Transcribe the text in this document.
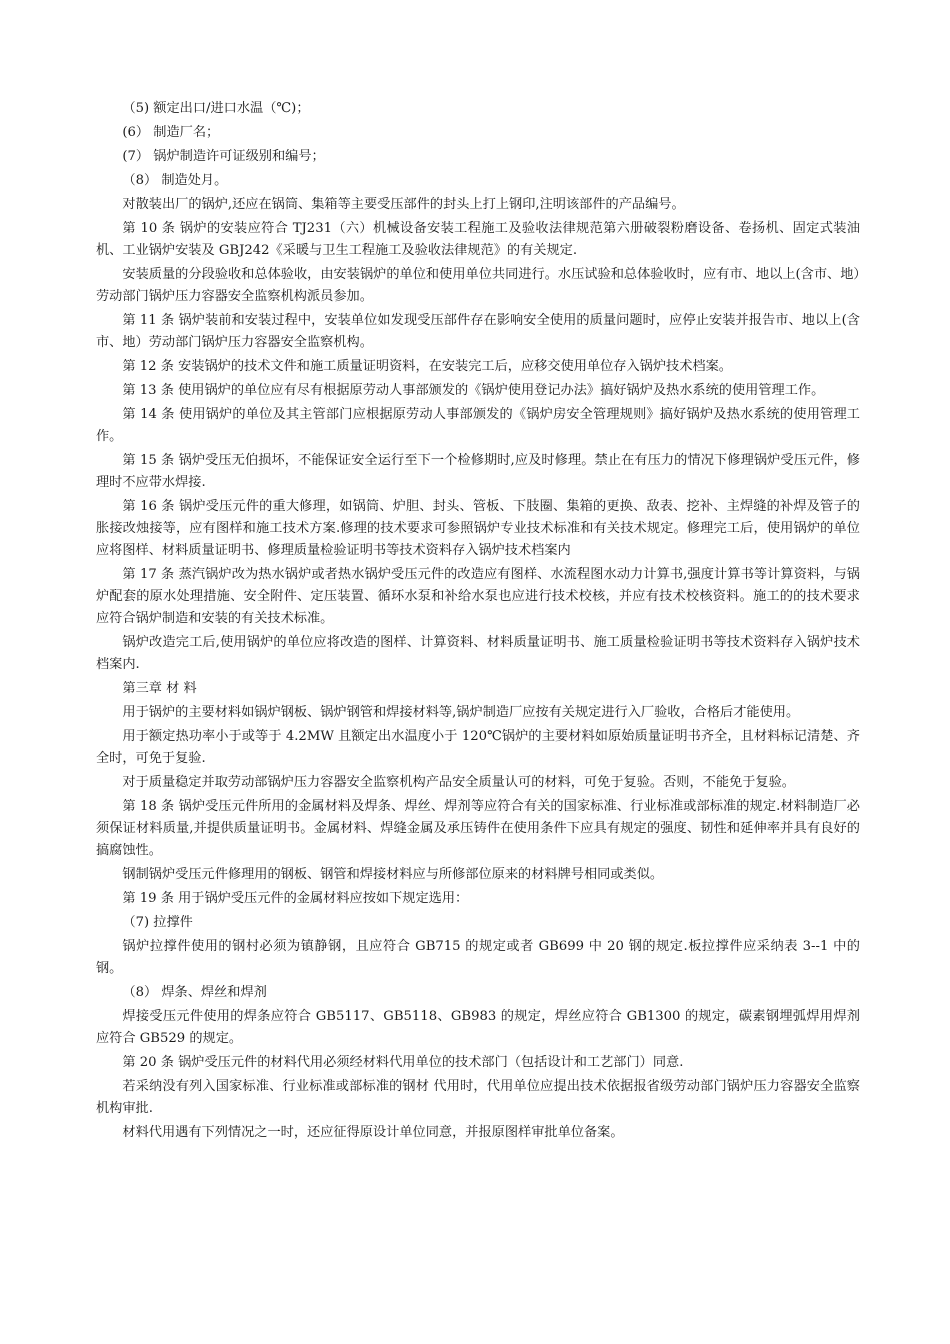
（5) 额定出口/进口水温（℃)；

(6） 制造厂名；

(7） 锅炉制造许可证级别和编号；

（8） 制造处月。

对散装出厂的锅炉,还应在锅筒、集箱等主要受压部件的封头上打上钢印,注明该部件的产品编号。

第 10 条 锅炉的安装应符合 TJ231（六）机械设备安装工程施工及验收法律规范第六册破裂粉磨设备、卷扬机、固定式装油机、工业锅炉安装及 GBJ242《采暖与卫生工程施工及验收法律规范》的有关规定.

安装质量的分段验收和总体验收，由安装锅炉的单位和使用单位共同进行。水压试验和总体验收时，应有市、地以上(含市、地）劳动部门锅炉压力容器安全监察机构派员参加。

第 11 条 锅炉装前和安装过程中，安装单位如发现受压部件存在影响安全使用的质量问题时，应停止安装并报告市、地以上(含市、地）劳动部门锅炉压力容器安全监察机构。

第 12 条 安装锅炉的技术文件和施工质量证明资料，在安装完工后，应移交使用单位存入锅炉技术档案。

第 13 条 使用锅炉的单位应有尽有根据原劳动人事部颁发的《锅炉使用登记办法》搞好锅炉及热水系统的使用管理工作。

第 14 条 使用锅炉的单位及其主管部门应根据原劳动人事部颁发的《锅炉房安全管理规则》搞好锅炉及热水系统的使用管理工作。

第 15 条 锅炉受压无伯损坏，不能保证安全运行至下一个检修期时,应及时修理。禁止在有压力的情况下修理锅炉受压元件，修理时不应带水焊接.

第 16 条 锅炉受压元件的重大修理，如锅筒、炉胆、封头、管板、下肢圈、集箱的更换、敌表、挖补、主焊缝的补焊及管子的胀接改烛接等，应有图样和施工技术方案.修理的技术要求可参照锅炉专业技术标准和有关技术规定。修理完工后，使用锅炉的单位应将图样、材料质量证明书、修理质量检验证明书等技术资料存入锅炉技术档案内

第 17 条 蒸汽锅炉改为热水锅炉或者热水锅炉受压元件的改造应有图样、水流程图水动力计算书,强度计算书等计算资料，与锅炉配套的原水处理措施、安全附件、定压装置、循环水泵和补给水泵也应进行技术校核，并应有技术校核资料。施工的的技术要求应符合锅炉制造和安装的有关技术标准。

锅炉改造完工后,使用锅炉的单位应将改造的图样、计算资料、材料质量证明书、施工质量检验证明书等技术资料存入锅炉技术档案内.

第三章 材 料

用于锅炉的主要材料如锅炉钢板、锅炉钢管和焊接材料等,锅炉制造厂应按有关规定进行入厂验收，合格后才能使用。

用于额定热功率小于或等于 4.2MW 且额定出水温度小于 120℃锅炉的主要材料如原始质量证明书齐全，且材料标记清楚、齐全时，可免于复验.

对于质量稳定并取劳动部锅炉压力容器安全监察机构产品安全质量认可的材料，可免于复验。否则，不能免于复验。

第 18 条 锅炉受压元件所用的金属材料及焊条、焊丝、焊剂等应符合有关的国家标准、行业标准或部标准的规定.材料制造厂必须保证材料质量,并提供质量证明书。金属材料、焊缝金属及承压铸件在使用条件下应具有规定的强度、韧性和延伸率并具有良好的搞腐蚀性。

钢制锅炉受压元件修理用的钢板、钢管和焊接材料应与所修部位原来的材料牌号相同或类似。

第 19 条 用于锅炉受压元件的金属材料应按如下规定选用：

（7) 拉撑件

锅炉拉撑件使用的钢村必须为镇静钢，且应符合 GB715 的规定或者 GB699 中 20 钢的规定.板拉撑件应采纳表 3--1 中的钢。

（8） 焊条、焊丝和焊剂

焊接受压元件使用的焊条应符合 GB5117、GB5118、GB983 的规定，焊丝应符合 GB1300 的规定，碳素钢埋弧焊用焊剂应符合 GB529 的规定。

第 20 条 锅炉受压元件的材料代用必须经材料代用单位的技术部门（包括设计和工艺部门）同意.

若采纳没有列入国家标准、行业标准或部标准的钢材 代用时，代用单位应提出技术依据报省级劳动部门锅炉压力容器安全监察机构审批.

材料代用遇有下列情况之一时，还应征得原设计单位同意，并报原图样审批单位备案。
